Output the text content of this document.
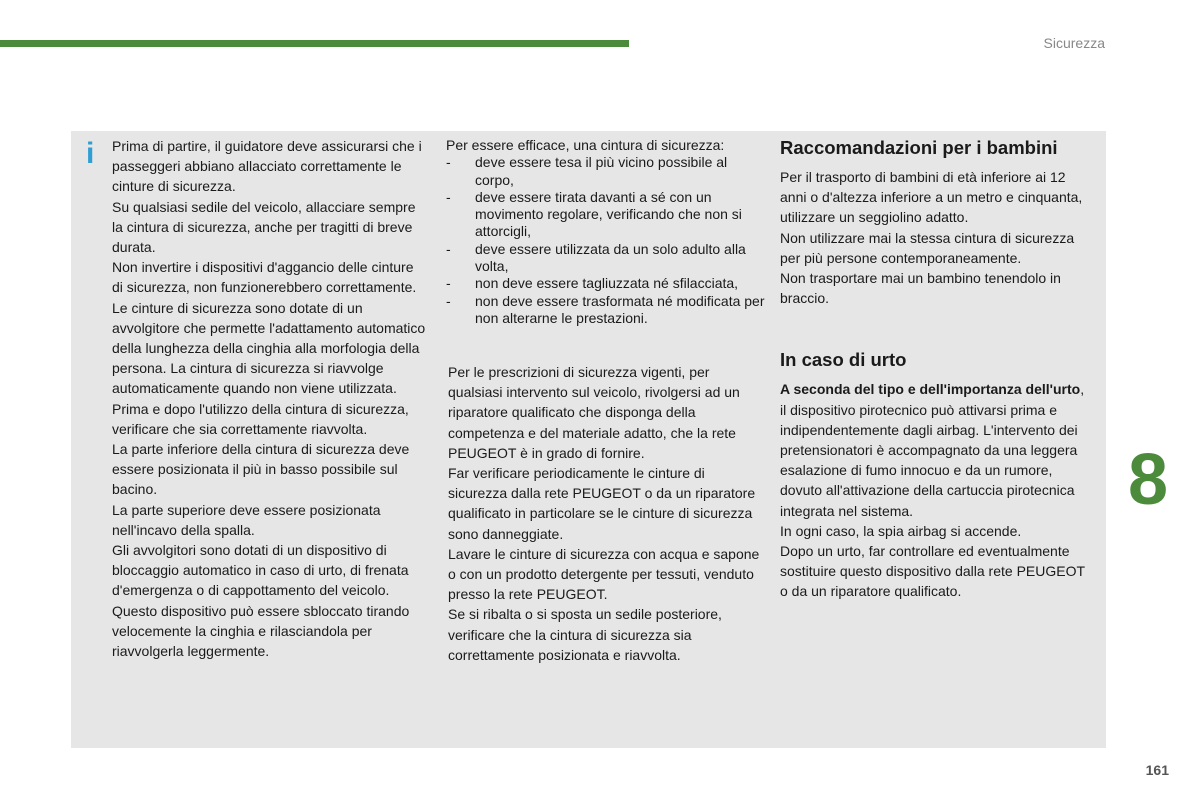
Sicurezza
i Prima di partire, il guidatore deve assicurarsi che i passeggeri abbiano allacciato correttamente le cinture di sicurezza.

Su qualsiasi sedile del veicolo, allacciare sempre la cintura di sicurezza, anche per tragitti di breve durata.

Non invertire i dispositivi d'aggancio delle cinture di sicurezza, non funzionerebbero correttamente.

Le cinture di sicurezza sono dotate di un avvolgitore che permette l'adattamento automatico della lunghezza della cinghia alla morfologia della persona. La cintura di sicurezza si riavvolge automaticamente quando non viene utilizzata.

Prima e dopo l'utilizzo della cintura di sicurezza, verificare che sia correttamente riavvolta.

La parte inferiore della cintura di sicurezza deve essere posizionata il più in basso possibile sul bacino.

La parte superiore deve essere posizionata nell'incavo della spalla.

Gli avvolgitori sono dotati di un dispositivo di bloccaggio automatico in caso di urto, di frenata d'emergenza o di cappottamento del veicolo. Questo dispositivo può essere sbloccato tirando velocemente la cinghia e rilasciandola per riavvolgerla leggermente.

Per essere efficace, una cintura di sicurezza:

- deve essere tesa il più vicino possibile al corpo,
- deve essere tirata davanti a sé con un movimento regolare, verificando che non si attorcigli,
- deve essere utilizzata da un solo adulto alla volta,
- non deve essere tagliuzzata né sfilacciata,
- non deve essere trasformata né modificata per non alterarne le prestazioni.

Per le prescrizioni di sicurezza vigenti, per qualsiasi intervento sul veicolo, rivolgersi ad un riparatore qualificato che disponga della competenza e del materiale adatto, che la rete PEUGEOT è in grado di fornire.

Far verificare periodicamente le cinture di sicurezza dalla rete PEUGEOT o da un riparatore qualificato in particolare se le cinture di sicurezza sono danneggiate.

Lavare le cinture di sicurezza con acqua e sapone o con un prodotto detergente per tessuti, venduto presso la rete PEUGEOT.

Se si ribalta o si sposta un sedile posteriore, verificare che la cintura di sicurezza sia correttamente posizionata e riavvolta.

Raccomandazioni per i bambini

Per il trasporto di bambini di età inferiore ai 12 anni o d'altezza inferiore a un metro e cinquanta, utilizzare un seggiolino adatto.

Non utilizzare mai la stessa cintura di sicurezza per più persone contemporaneamente.

Non trasportare mai un bambino tenendolo in braccio.

In caso di urto

A seconda del tipo e dell'importanza dell'urto, il dispositivo pirotecnico può attivarsi prima e indipendentemente dagli airbag. L'intervento dei pretensionatori è accompagnato da una leggera esalazione di fumo innocuo e da un rumore, dovuto all'attivazione della cartuccia pirotecnica integrata nel sistema.

In ogni caso, la spia airbag si accende.

Dopo un urto, far controllare ed eventualmente sostituire questo dispositivo dalla rete PEUGEOT o da un riparatore qualificato.

8
161
